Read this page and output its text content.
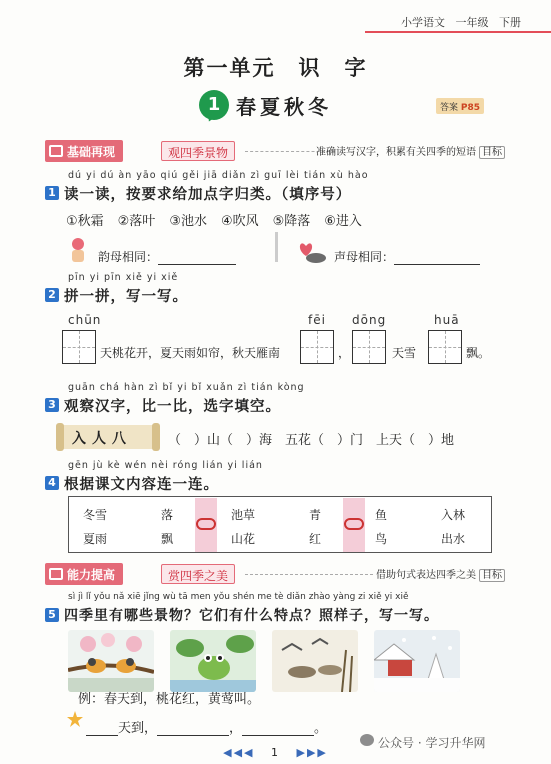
小学语文 一年级 下册
第一单元　识　字
1 春夏秋冬	答案 P85
基础再现	观四季景物	准确读写汉字，积累有关四季的短语 目标
dú yi dú àn yāo qiú gěi jiā diǎn zì guī lèi tián xù hào
1 读一读，按要求给加点字归类。（填序号）
①秋霜 ②落叶 ③池水 ④吹风 ⑤降落 ⑥进入
韵母相同：	声母相同：
pīn yi pīn xiě yi xiě
2 拼一拼，写一写。
chūn
天桃花开，夏天雨如帘，秋天雁南
fēi
，
dōng
天雪
huā
飘。
guān chá hàn zì bǐ yi bǐ xuǎn zì tián kòng
3 观察汉字，比一比，选字填空。
入人八	（　）山（　）海　五花（　）门　上天（　）地
gēn jù kè wén nèi róng lián yi lián
4 根据课文内容连一连。
冬雪	落	池草	青	鱼	入林
夏雨	飘	山花	红	鸟	出水
能力提高	赏四季之美	借助句式表达四季之美 目标
sì jì lǐ yǒu nǎ xiē jǐng wù tā men yǒu shén me tè diǎn zhào yàng zi xiě yi xiě
5 四季里有哪些景物？它们有什么特点？照样子，写一写。
例：春天到，桃花红，黄莺叫。
天到，	，	。
◀◀◀ 1 ▶▶▶
公众号 · 学习升华网
